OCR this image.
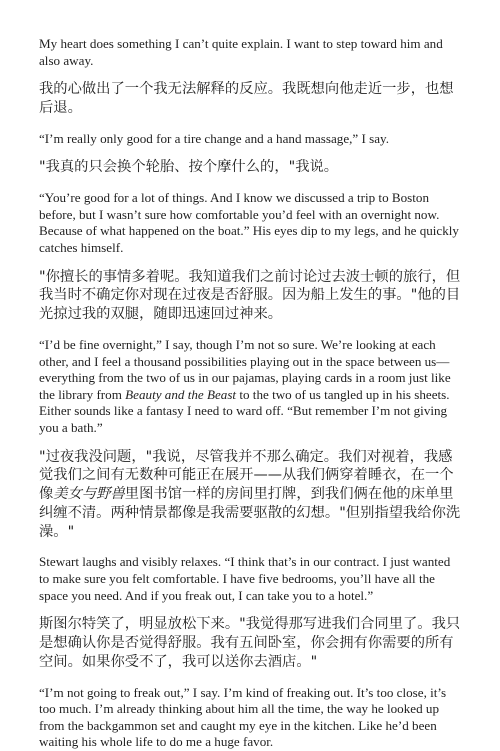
My heart does something I can’t quite explain. I want to step toward him and also away.

我的心做出了一个我无法解释的反应。我既想向他走近一步，也想后退。

“I’m really only good for a tire change and a hand massage,” I say.

"我真的只会换个轮胎、按个摩什么的，"我说。

“You’re good for a lot of things. And I know we discussed a trip to Boston before, but I wasn’t sure how comfortable you’d feel with an overnight now. Because of what happened on the boat.” His eyes dip to my legs, and he quickly catches himself.

"你擅长的事情多着呢。我知道我们之前讨论过去波士顿的旅行，但我当时不确定你对现在过夜是否舒服。因为船上发生的事。"他的目光掠过我的双腿，随即迅速回过神来。

“I’d be fine overnight,” I say, though I’m not so sure. We’re looking at each other, and I feel a thousand possibilities playing out in the space between us—everything from the two of us in our pajamas, playing cards in a room just like the library from Beauty and the Beast to the two of us tangled up in his sheets. Either sounds like a fantasy I need to ward off. “But remember I’m not giving you a bath.”

"过夜我没问题，"我说，尽管我并不那么确定。我们对视着，我感觉我们之间有无数种可能正在展开——从我们俩穿着睡衣，在一个像美女与野兽里图书馆一样的房间里打牌，到我们俩在他的床单里纠缠不清。两种情景都像是我需要驱散的幻想。"但别指望我给你洗澡。"

Stewart laughs and visibly relaxes. “I think that’s in our contract. I just wanted to make sure you felt comfortable. I have five bedrooms, you’ll have all the space you need. And if you freak out, I can take you to a hotel.”

斯图尔特笑了，明显放松下来。"我觉得那写进我们合同里了。我只是想确认你是否觉得舒服。我有五间卧室，你会拥有你需要的所有空间。如果你受不了，我可以送你去酒店。"

“I’m not going to freak out,” I say. I’m kind of freaking out. It’s too close, it’s too much. I’m already thinking about him all the time, the way he looked up from the backgammon set and caught my eye in the kitchen. Like he’d been waiting his whole life to do me a huge favor.
